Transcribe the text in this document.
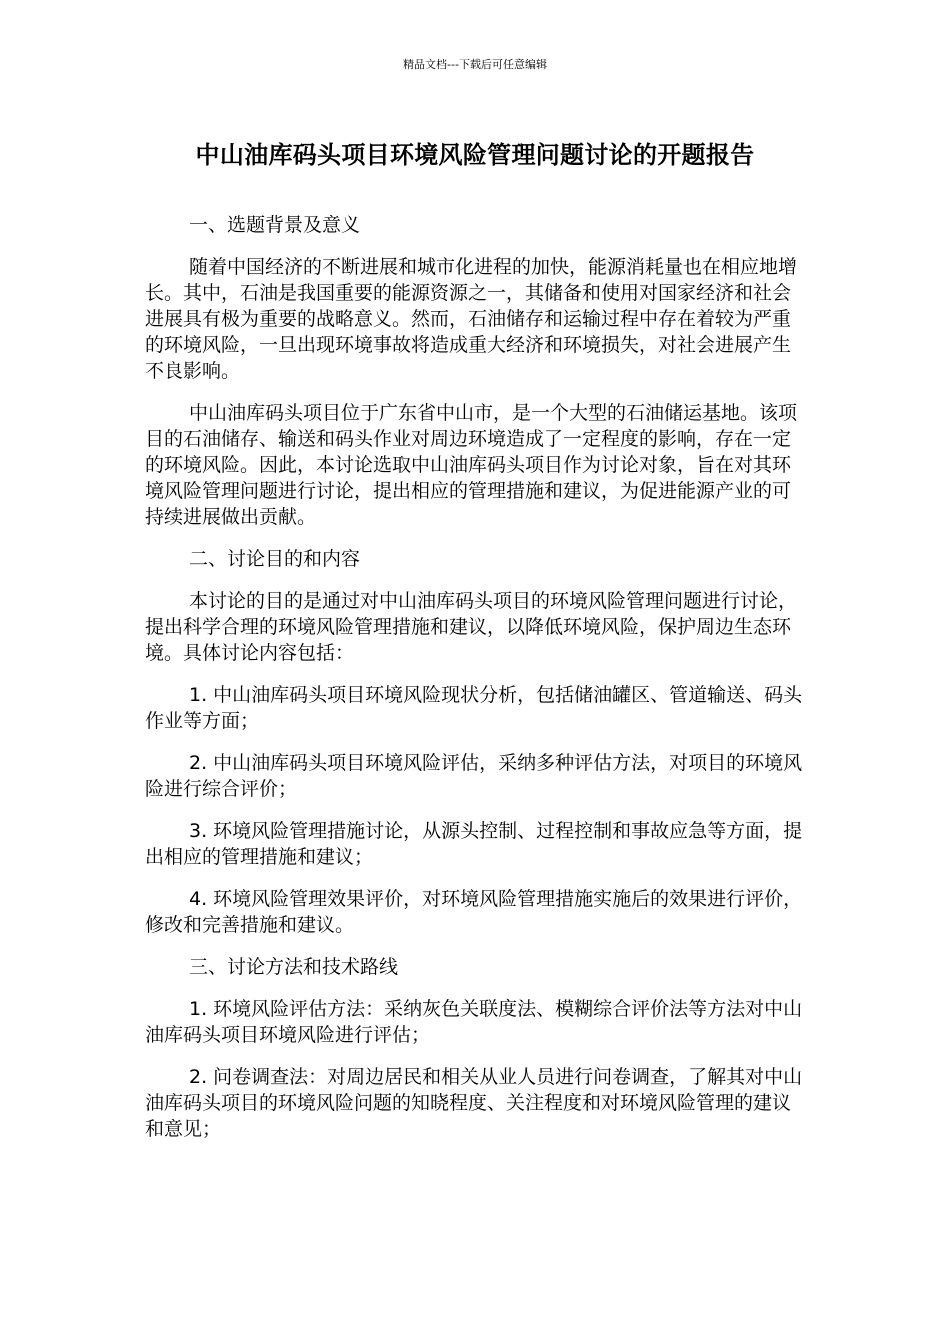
精品文档---下载后可任意编辑
中山油库码头项目环境风险管理问题讨论的开题报告

一、选题背景及意义

随着中国经济的不断进展和城市化进程的加快，能源消耗量也在相应地增长。其中，石油是我国重要的能源资源之一，其储备和使用对国家经济和社会进展具有极为重要的战略意义。然而，石油储存和运输过程中存在着较为严重的环境风险，一旦出现环境事故将造成重大经济和环境损失，对社会进展产生不良影响。

中山油库码头项目位于广东省中山市，是一个大型的石油储运基地。该项目的石油储存、输送和码头作业对周边环境造成了一定程度的影响，存在一定的环境风险。因此，本讨论选取中山油库码头项目作为讨论对象，旨在对其环境风险管理问题进行讨论，提出相应的管理措施和建议，为促进能源产业的可持续进展做出贡献。

二、讨论目的和内容

本讨论的目的是通过对中山油库码头项目的环境风险管理问题进行讨论，提出科学合理的环境风险管理措施和建议，以降低环境风险，保护周边生态环境。具体讨论内容包括：

1. 中山油库码头项目环境风险现状分析，包括储油罐区、管道输送、码头作业等方面；

2. 中山油库码头项目环境风险评估，采纳多种评估方法，对项目的环境风险进行综合评价；

3. 环境风险管理措施讨论，从源头控制、过程控制和事故应急等方面，提出相应的管理措施和建议；

4. 环境风险管理效果评价，对环境风险管理措施实施后的效果进行评价，修改和完善措施和建议。

三、讨论方法和技术路线

1. 环境风险评估方法：采纳灰色关联度法、模糊综合评价法等方法对中山油库码头项目环境风险进行评估；

2. 问卷调查法：对周边居民和相关从业人员进行问卷调查，了解其对中山油库码头项目的环境风险问题的知晓程度、关注程度和对环境风险管理的建议和意见；
